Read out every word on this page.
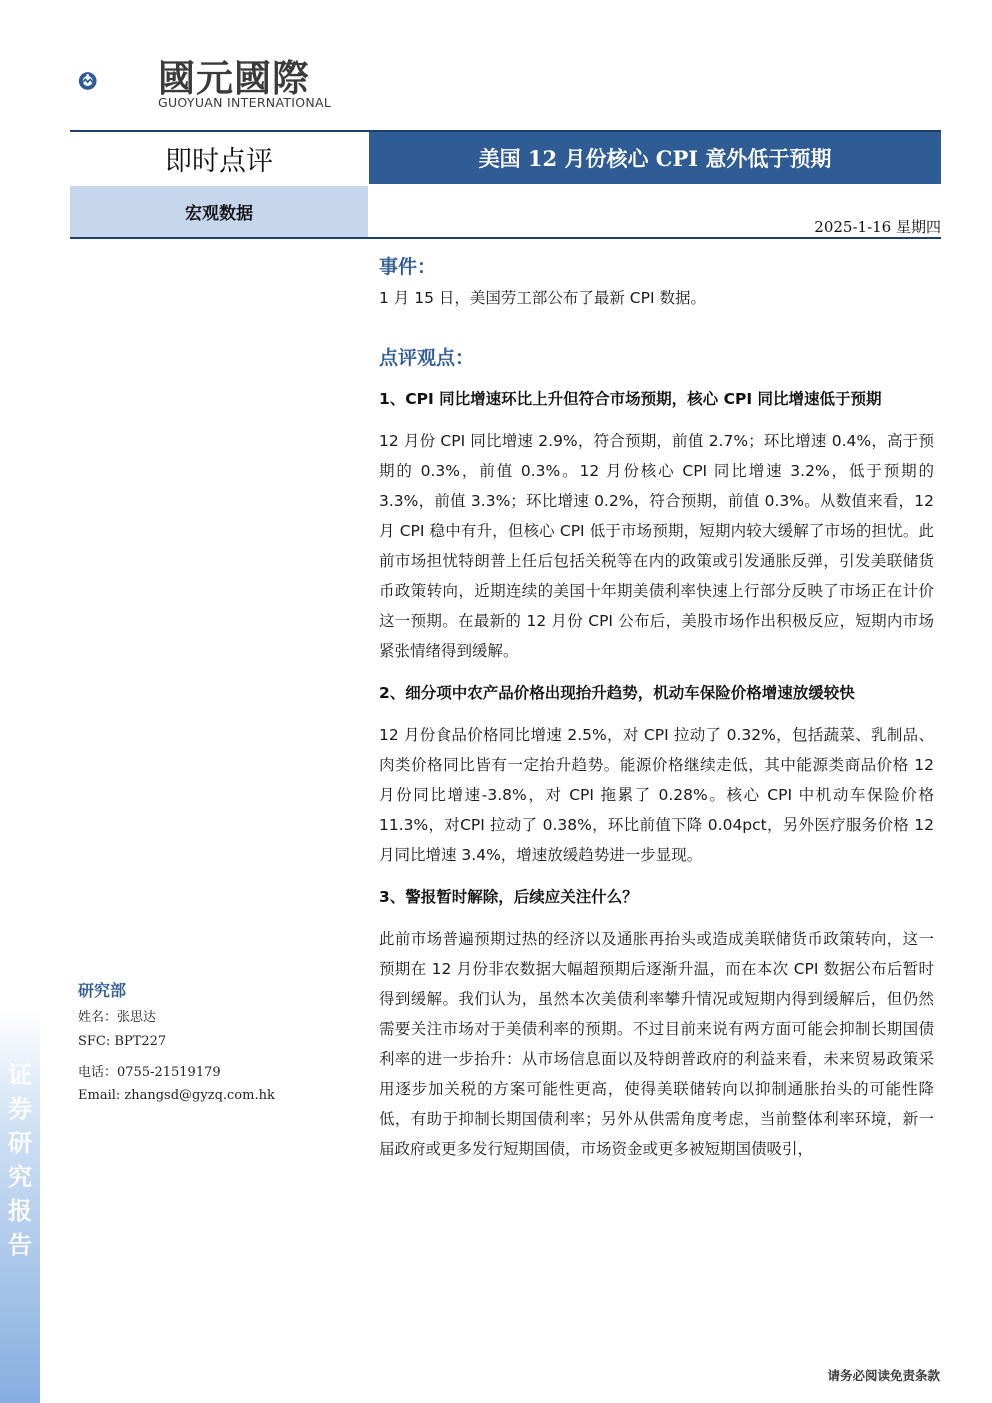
证
券
研
究
报
告
國元國際
GUOYUAN INTERNATIONAL
即时点评	美国 12 月份核心 CPI 意外低于预期
宏观数据
2025-1-16 星期四
研究部
姓名：张思达
SFC: BPT227
电话：0755-21519179
Email: zhangsd@gyzq.com.hk
事件：

1 月 15 日，美国劳工部公布了最新 CPI 数据。

点评观点：

1、CPI 同比增速环比上升但符合市场预期，核心 CPI 同比增速低于预期

12 月份 CPI 同比增速 2.9%，符合预期，前值 2.7%；环比增速 0.4%，高于预期的 0.3%，前值 0.3%。12 月份核心 CPI 同比增速 3.2%，低于预期的 3.3%，前值 3.3%；环比增速 0.2%，符合预期，前值 0.3%。从数值来看，12 月 CPI 稳中有升，但核心 CPI 低于市场预期，短期内较大缓解了市场的担忧。此前市场担忧特朗普上任后包括关税等在内的政策或引发通胀反弹，引发美联储货币政策转向，近期连续的美国十年期美债利率快速上行部分反映了市场正在计价这一预期。在最新的 12 月份 CPI 公布后，美股市场作出积极反应，短期内市场紧张情绪得到缓解。

2、细分项中农产品价格出现抬升趋势，机动车保险价格增速放缓较快

12 月份食品价格同比增速 2.5%，对 CPI 拉动了 0.32%，包括蔬菜、乳制品、肉类价格同比皆有一定抬升趋势。能源价格继续走低，其中能源类商品价格 12 月份同比增速-3.8%，对 CPI 拖累了 0.28%。核心 CPI 中机动车保险价格11.3%，对CPI 拉动了 0.38%，环比前值下降 0.04pct，另外医疗服务价格 12 月同比增速 3.4%，增速放缓趋势进一步显现。

3、警报暂时解除，后续应关注什么？

此前市场普遍预期过热的经济以及通胀再抬头或造成美联储货币政策转向，这一预期在 12 月份非农数据大幅超预期后逐渐升温，而在本次 CPI 数据公布后暂时得到缓解。我们认为，虽然本次美债利率攀升情况或短期内得到缓解后，但仍然需要关注市场对于美债利率的预期。不过目前来说有两方面可能会抑制长期国债利率的进一步抬升：从市场信息面以及特朗普政府的利益来看，未来贸易政策采用逐步加关税的方案可能性更高，使得美联储转向以抑制通胀抬头的可能性降低，有助于抑制长期国债利率；另外从供需角度考虑，当前整体利率环境，新一届政府或更多发行短期国债，市场资金或更多被短期国债吸引，

请务必阅读免责条款
